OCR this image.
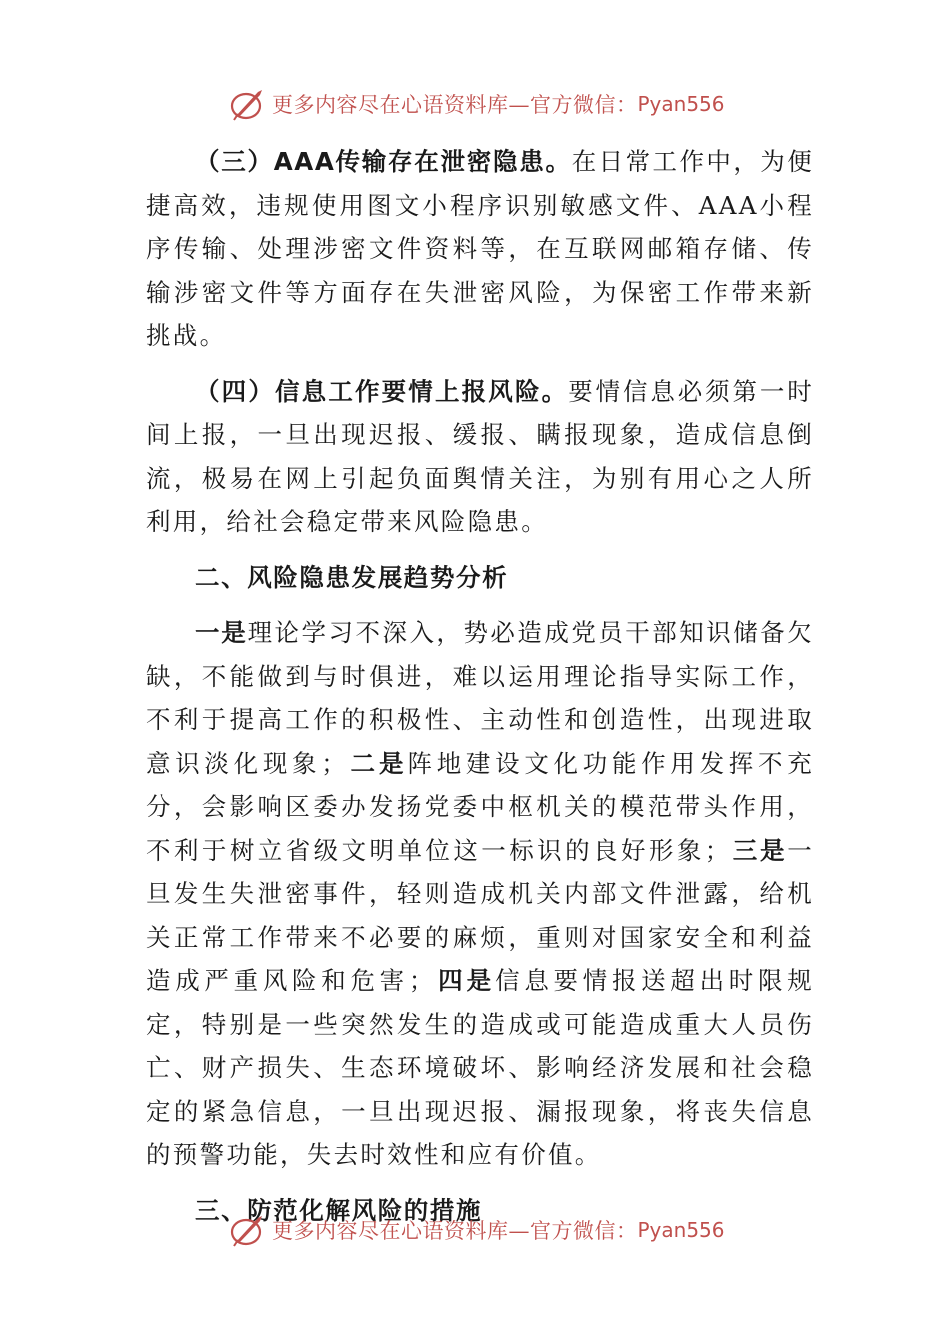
更多内容尽在心语资料库—官方微信： Pyan556

（三）AAA传输存在泄密隐患。在日常工作中，为便捷高效，违规使用图文小程序识别敏感文件、AAA小程序传输、处理涉密文件资料等，在互联网邮箱存储、传输涉密文件等方面存在失泄密风险，为保密工作带来新挑战。

（四）信息工作要情上报风险。要情信息必须第一时间上报，一旦出现迟报、缓报、瞒报现象，造成信息倒流，极易在网上引起负面舆情关注，为别有用心之人所利用，给社会稳定带来风险隐患。

二、风险隐患发展趋势分析

一是理论学习不深入，势必造成党员干部知识储备欠缺，不能做到与时俱进，难以运用理论指导实际工作，不利于提高工作的积极性、主动性和创造性，出现进取意识淡化现象；二是阵地建设文化功能作用发挥不充分，会影响区委办发扬党委中枢机关的模范带头作用，不利于树立省级文明单位这一标识的良好形象；三是一旦发生失泄密事件，轻则造成机关内部文件泄露，给机关正常工作带来不必要的麻烦，重则对国家安全和利益造成严重风险和危害；四是信息要情报送超出时限规定，特别是一些突然发生的造成或可能造成重大人员伤亡、财产损失、生态环境破坏、影响经济发展和社会稳定的紧急信息，一旦出现迟报、漏报现象，将丧失信息的预警功能，失去时效性和应有价值。

三、防范化解风险的措施

更多内容尽在心语资料库—官方微信： Pyan556
